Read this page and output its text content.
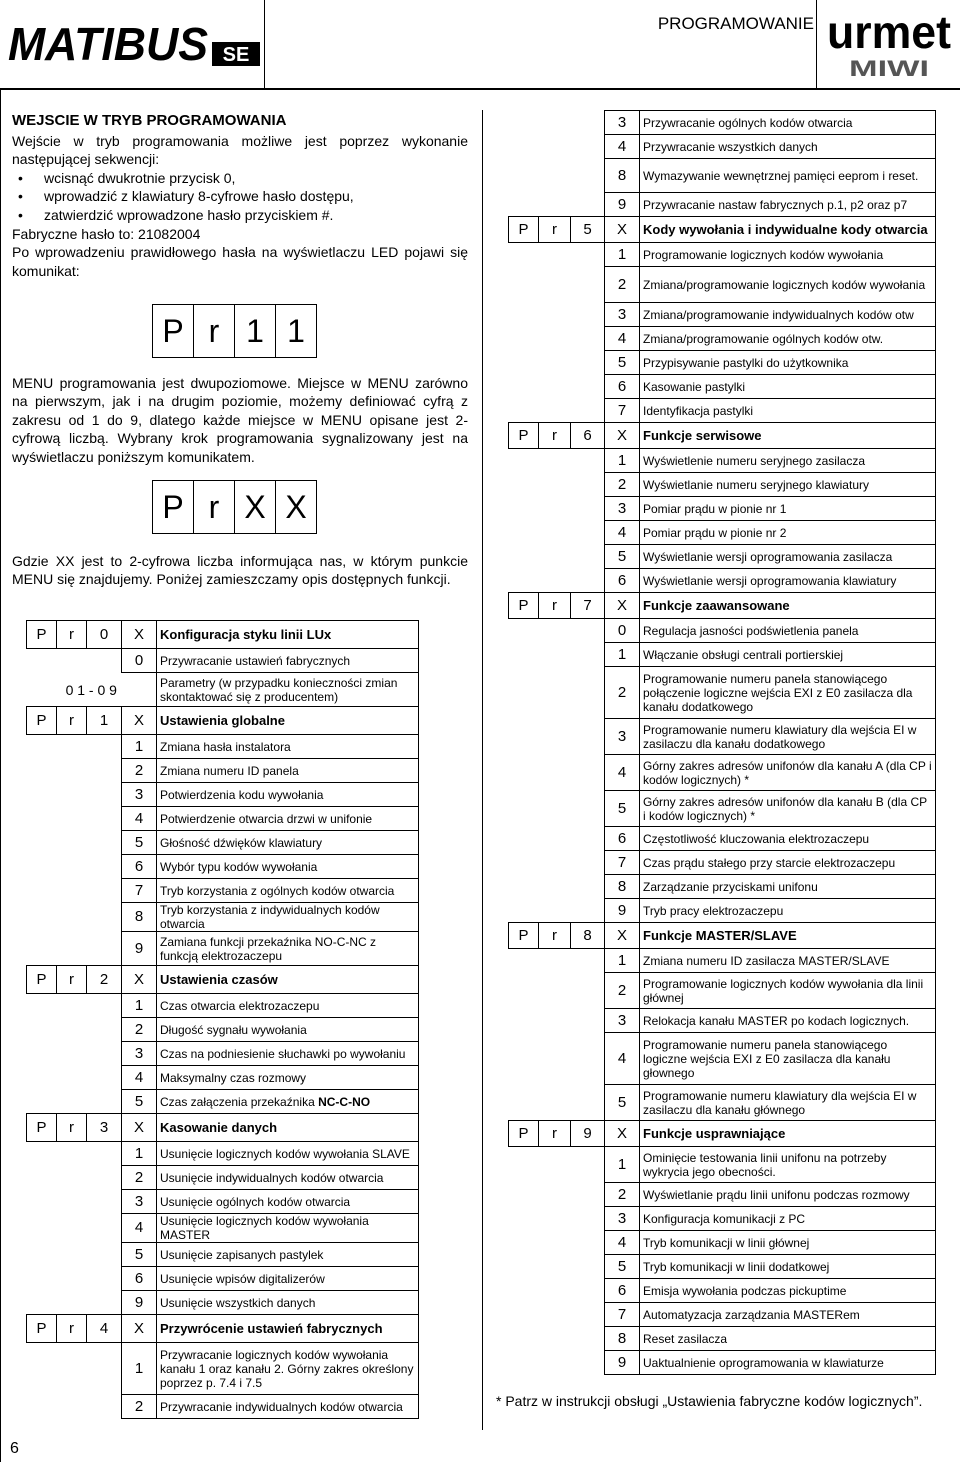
MATIBUS SE
PROGRAMOWANIE urmet
MIWI
WEJSCIE W TRYB PROGRAMOWANIA

Wejście w tryb programowania możliwe jest poprzez wykonanie następującej sekwencji:

• wcisnąć dwukrotnie przycisk 0,
• wprowadzić z klawiatury 8-cyfrowe hasło dostępu,
• zatwierdzić wprowadzone hasło przyciskiem #.

Fabryczne hasło to: 21082004

Po wprowadzeniu prawidłowego hasła na wyświetlaczu LED pojawi się komunikat:

P r 1 1
MENU programowania jest dwupoziomowe. Miejsce w MENU zarówno na pierwszym, jak i na drugim poziomie, możemy definiować cyfrą z zakresu od 1 do 9, dlatego każde miejsce w MENU opisane jest 2-cyfrową liczbą. Wybrany krok programowania sygnalizowany jest na wyświetlaczu poniższym komunikatem.
P r X X
Gdzie XX jest to 2-cyfrowa liczba informująca nas, w którym punkcie MENU się znajdujemy. Poniżej zamieszczamy opis dostępnych funkcji.
P	r	0	X	Konfiguracja styku linii LUx
			0	Przywracanie ustawień fabrycznych
0 1 - 0 9				Parametry (w przypadku konieczności zmian skontaktować się z producentem)
P	r	1	X	Ustawienia globalne
			1	Zmiana hasła instalatora
			2	Zmiana numeru ID panela
			3	Potwierdzenia kodu wywołania
			4	Potwierdzenie otwarcia drzwi w unifonie
			5	Głośność dźwięków klawiatury
			6	Wybór typu kodów wywołania
			7	Tryb korzystania z ogólnych kodów otwarcia
			8	Tryb korzystania z indywidualnych kodów otwarcia
			9	Zamiana funkcji przekaźnika NO-C-NC z funkcją elektrozaczepu
P	r	2	X	Ustawienia czasów
			1	Czas otwarcia elektrozaczepu
			2	Długość sygnału wywołania
			3	Czas na podniesienie słuchawki po wywołaniu
			4	Maksymalny czas rozmowy
			5	Czas załączenia przekaźnika NC-C-NO
P	r	3	X	Kasowanie danych
			1	Usunięcie logicznych kodów wywołania SLAVE
			2	Usunięcie indywidualnych kodów otwarcia
			3	Usunięcie ogólnych kodów otwarcia
			4	Usunięcie logicznych kodów wywołania MASTER
			5	Usunięcie zapisanych pastylek
			6	Usunięcie wpisów digitalizerów
			9	Usunięcie wszystkich danych
P	r	4	X	Przywrócenie ustawień fabrycznych
			1	Przywracanie logicznych kodów wywołania kanału 1 oraz kanału 2. Górny zakres określony poprzez p. 7.4 i 7.5
			2	Przywracanie indywidualnych kodów otwarcia
			3	Przywracanie ogólnych kodów otwarcia
			4	Przywracanie wszystkich danych
			8	Wymazywanie wewnętrznej pamięci eeprom i reset.
			9	Przywracanie nastaw fabrycznych p.1, p2 oraz p7
P	r	5	X	Kody wywołania i indywidualne kody otwarcia
			1	Programowanie logicznych kodów wywołania
			2	Zmiana/programowanie logicznych kodów wywołania
			3	Zmiana/programowanie indywidualnych kodów otw
			4	Zmiana/programowanie ogólnych kodów otw.
			5	Przypisywanie pastylki do użytkownika
			6	Kasowanie pastylki
			7	Identyfikacja pastylki
P	r	6	X	Funkcje serwisowe
			1	Wyświetlenie numeru seryjnego zasilacza
			2	Wyświetlanie numeru seryjnego klawiatury
			3	Pomiar prądu w pionie nr 1
			4	Pomiar prądu w pionie nr 2
			5	Wyświetlanie wersji oprogramowania zasilacza
			6	Wyświetlanie wersji oprogramowania klawiatury
P	r	7	X	Funkcje zaawansowane
			0	Regulacja jasności podświetlenia panela
			1	Włączanie obsługi centrali portierskiej
			2	Programowanie numeru panela stanowiącego połączenie logiczne wejścia EXI z E0 zasilacza dla kanału dodatkowego
			3	Programowanie numeru klawiatury dla wejścia EI w zasilaczu dla kanału dodatkowego
			4	Górny zakres adresów unifonów dla kanału A (dla CP i kodów logicznych) *
			5	Górny zakres adresów unifonów dla kanału B (dla CP i kodów logicznych) *
			6	Częstotliwość kluczowania elektrozaczepu
			7	Czas prądu stałego przy starcie elektrozaczepu
			8	Zarządzanie przyciskami unifonu
			9	Tryb pracy elektrozaczepu
P	r	8	X	Funkcje MASTER/SLAVE
			1	Zmiana numeru ID zasilacza MASTER/SLAVE
			2	Programowanie logicznych kodów wywołania dla linii głównej
			3	Relokacja kanału MASTER po kodach logicznych.
			4	Programowanie numeru panela stanowiącego logiczne wejścia EXI z E0 zasilacza dla kanału głownego
			5	Programowanie numeru klawiatury dla wejścia EI w zasilaczu dla kanału głównego
P	r	9	X	Funkcje usprawniające
			1	Ominięcie testowania linii unifonu na potrzeby wykrycia jego obecności.
			2	Wyświetlanie prądu linii unifonu podczas rozmowy
			3	Konfiguracja komunikacji z PC
			4	Tryb komunikacji w linii głównej
			5	Tryb komunikacji w linii dodatkowej
			6	Emisja wywołania podczas pickuptime
			7	Automatyzacja zarządzania MASTERem
			8	Reset zasilacza
			9	Uaktualnienie oprogramowania w klawiaturze
* Patrz w instrukcji obsługi „Ustawienia fabryczne kodów logicznych”.
6
